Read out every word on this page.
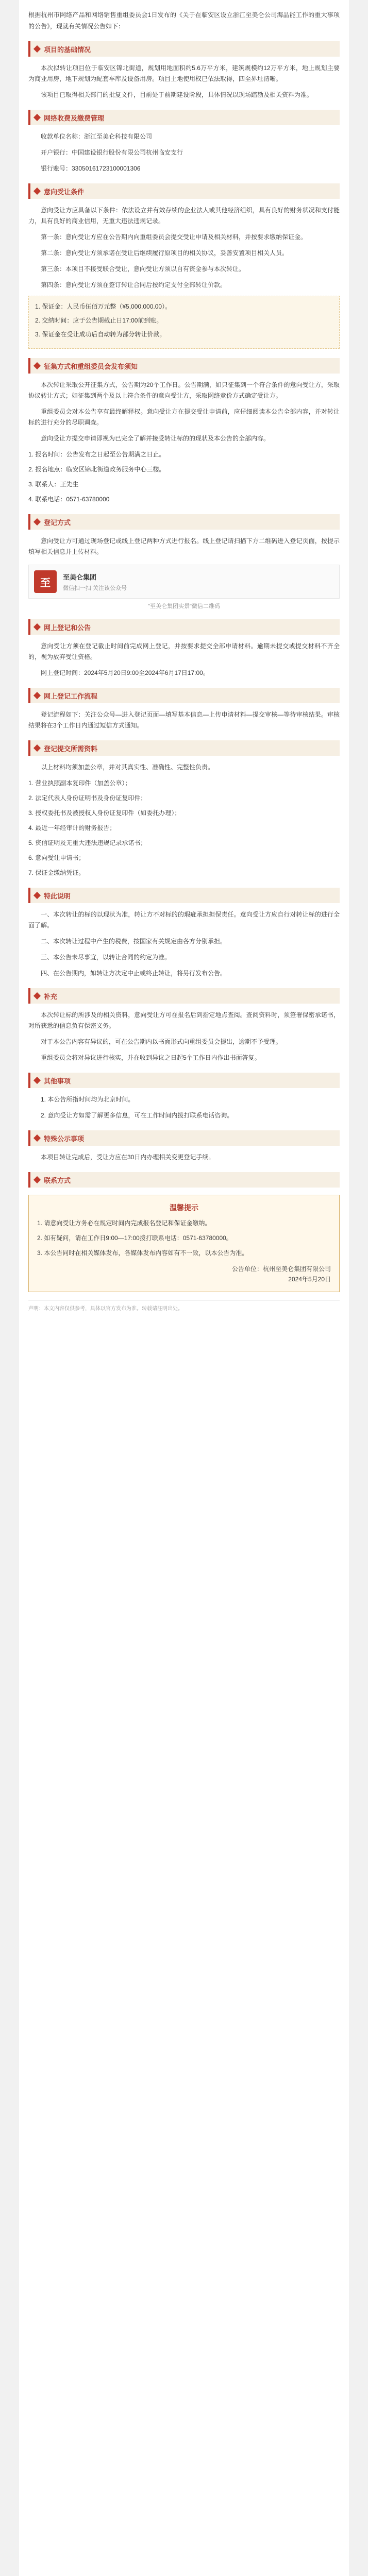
根据杭州市网络产品和网络销售重组委员会1日发布的《关于在临安区设立浙江至美仑公司海晶能工作的重大事项的公告》，现就有关情况公告如下：

项目的基础情况

本次拟转让项目位于临安区锦北街道，规划用地面积约5.6万平方米，建筑规模约12万平方米，地上规划主要为商业用房，地下规划为配套车库及设备用房。项目土地使用权已依法取得，四至界址清晰。

该项目已取得相关部门的批复文件，目前处于前期建设阶段，具体情况以现场踏勘及相关资料为准。

网络收费及缴费管理

收款单位名称：浙江至美仑科技有限公司

开户银行：中国建设银行股份有限公司杭州临安支行

银行账号：33050161723100001306

意向受让条件

意向受让方应具备以下条件：依法设立并有效存续的企业法人或其他经济组织，具有良好的财务状况和支付能力，具有良好的商业信用，无重大违法违规记录。

第一条：意向受让方应在公告期内向重组委员会提交受让申请及相关材料，并按要求缴纳保证金。

第二条：意向受让方须承诺在受让后继续履行原项目的相关协议，妥善安置项目相关人员。

第三条：本项目不接受联合受让，意向受让方须以自有资金参与本次转让。

第四条：意向受让方须在签订转让合同后按约定支付全部转让价款。

1. 保证金：人民币伍佰万元整（¥5,000,000.00）。

2. 交纳时间：应于公告期截止日17:00前到账。

3. 保证金在受让成功后自动转为部分转让价款。

征集方式和重组委员会发布须知

本次转让采取公开征集方式，公告期为20个工作日。公告期满，如只征集到一个符合条件的意向受让方，采取协议转让方式；如征集到两个及以上符合条件的意向受让方，采取网络竞价方式确定受让方。

重组委员会对本公告享有最终解释权。意向受让方在提交受让申请前，应仔细阅读本公告全部内容，并对转让标的进行充分的尽职调查。

意向受让方提交申请即视为已完全了解并接受转让标的的现状及本公告的全部内容。

1. 报名时间：公告发布之日起至公告期满之日止。

2. 报名地点：临安区锦北街道政务服务中心三楼。

3. 联系人：王先生

4. 联系电话：0571-63780000

登记方式

意向受让方可通过现场登记或线上登记两种方式进行报名。线上登记请扫描下方二维码进入登记页面，按提示填写相关信息并上传材料。

至
至美仑集团
微信扫一扫 关注该公众号
"至美仑集团实景"微信二维码
网上登记和公告

意向受让方须在登记截止时间前完成网上登记，并按要求提交全部申请材料。逾期未提交或提交材料不齐全的，视为放弃受让资格。

网上登记时间：2024年5月20日9:00至2024年6月17日17:00。

网上登记工作流程

登记流程如下：关注公众号—进入登记页面—填写基本信息—上传申请材料—提交审核—等待审核结果。审核结果将在3个工作日内通过短信方式通知。

登记提交所需资料

以上材料均须加盖公章，并对其真实性、准确性、完整性负责。

1. 营业执照副本复印件（加盖公章）；

2. 法定代表人身份证明书及身份证复印件；

3. 授权委托书及被授权人身份证复印件（如委托办理）；

4. 最近一年经审计的财务报告；

5. 资信证明及无重大违法违规记录承诺书；

6. 意向受让申请书；

7. 保证金缴纳凭证。

特此说明

一、本次转让的标的以现状为准，转让方不对标的的瑕疵承担担保责任。意向受让方应自行对转让标的进行全面了解。

二、本次转让过程中产生的税费，按国家有关规定由各方分别承担。

三、本公告未尽事宜，以转让合同的约定为准。

四、在公告期内，如转让方决定中止或终止转让，将另行发布公告。

补充

本次转让标的所涉及的相关资料，意向受让方可在报名后到指定地点查阅。查阅资料时，须签署保密承诺书，对所获悉的信息负有保密义务。

对于本公告内容有异议的，可在公告期内以书面形式向重组委员会提出，逾期不予受理。

重组委员会将对异议进行核实，并在收到异议之日起5个工作日内作出书面答复。

其他事项

1. 本公告所指时间均为北京时间。

2. 意向受让方如需了解更多信息，可在工作时间内拨打联系电话咨询。

特殊公示事项

本项目转让完成后，受让方应在30日内办理相关变更登记手续。

联系方式
温馨提示

1. 请意向受让方务必在规定时间内完成报名登记和保证金缴纳。

2. 如有疑问，请在工作日9:00—17:00拨打联系电话：0571-63780000。

3. 本公告同时在相关媒体发布，各媒体发布内容如有不一致，以本公告为准。

公告单位：杭州至美仑集团有限公司
2024年5月20日
声明：本文内容仅供参考，具体以官方发布为准。转载请注明出处。
